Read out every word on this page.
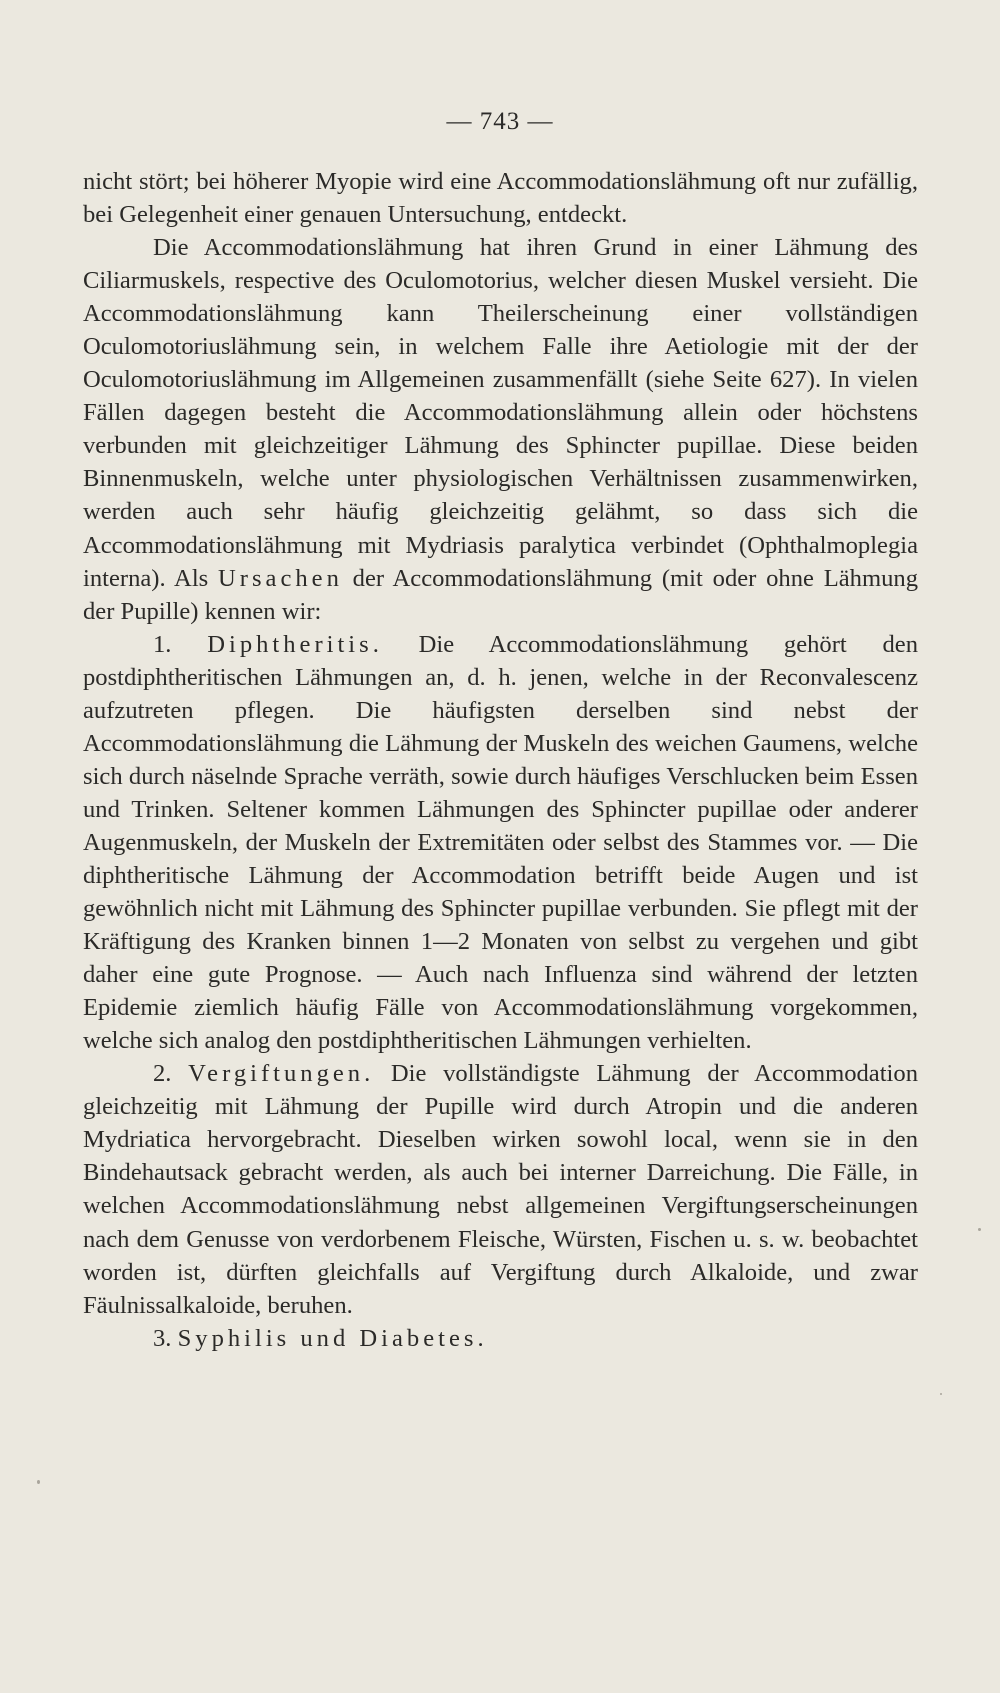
— 743 —

nicht stört; bei höherer Myopie wird eine Accommodationslähmung oft nur zufällig, bei Gelegenheit einer genauen Untersuchung, entdeckt.

Die Accommodationslähmung hat ihren Grund in einer Lähmung des Ciliarmuskels, respective des Oculomotorius, welcher diesen Muskel versieht. Die Accommodationslähmung kann Theilerscheinung einer vollständigen Oculomotoriuslähmung sein, in welchem Falle ihre Aetiologie mit der der Oculomotoriuslähmung im Allgemeinen zusammenfällt (siehe Seite 627). In vielen Fällen dagegen besteht die Accommodationslähmung allein oder höchstens verbunden mit gleichzeitiger Lähmung des Sphincter pupillae. Diese beiden Binnenmuskeln, welche unter physiologischen Verhältnissen zusammenwirken, werden auch sehr häufig gleichzeitig gelähmt, so dass sich die Accommodationslähmung mit Mydriasis paralytica verbindet (Ophthalmoplegia interna). Als Ursachen der Accommodationslähmung (mit oder ohne Lähmung der Pupille) kennen wir:

1. Diphtheritis. Die Accommodationslähmung gehört den postdiphtheritischen Lähmungen an, d. h. jenen, welche in der Reconvalescenz aufzutreten pflegen. Die häufigsten derselben sind nebst der Accommodationslähmung die Lähmung der Muskeln des weichen Gaumens, welche sich durch näselnde Sprache verräth, sowie durch häufiges Verschlucken beim Essen und Trinken. Seltener kommen Lähmungen des Sphincter pupillae oder anderer Augenmuskeln, der Muskeln der Extremitäten oder selbst des Stammes vor. — Die diphtheritische Lähmung der Accommodation betrifft beide Augen und ist gewöhnlich nicht mit Lähmung des Sphincter pupillae verbunden. Sie pflegt mit der Kräftigung des Kranken binnen 1—2 Monaten von selbst zu vergehen und gibt daher eine gute Prognose. — Auch nach Influenza sind während der letzten Epidemie ziemlich häufig Fälle von Accommodationslähmung vorgekommen, welche sich analog den postdiphtheritischen Lähmungen verhielten.

2. Vergiftungen. Die vollständigste Lähmung der Accommodation gleichzeitig mit Lähmung der Pupille wird durch Atropin und die anderen Mydriatica hervorgebracht. Dieselben wirken sowohl local, wenn sie in den Bindehautsack gebracht werden, als auch bei interner Darreichung. Die Fälle, in welchen Accommodationslähmung nebst allgemeinen Vergiftungserscheinungen nach dem Genusse von verdorbenem Fleische, Würsten, Fischen u. s. w. beobachtet worden ist, dürften gleichfalls auf Vergiftung durch Alkaloide, und zwar Fäulnissalkaloide, beruhen.

3. Syphilis und Diabetes.
